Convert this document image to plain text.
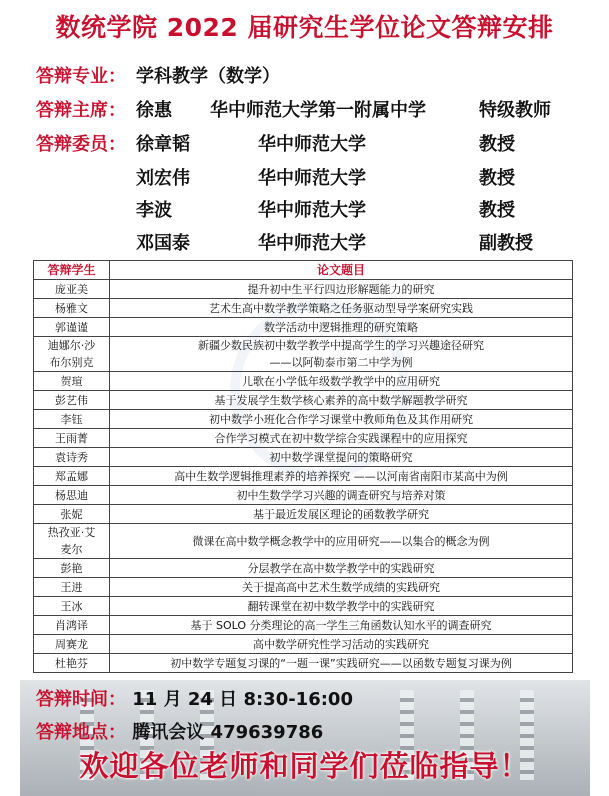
数统学院 2022 届研究生学位论文答辩安排
答辩专业： 学科教学（数学）
答辩主席： 徐惠 华中师范大学第一附属中学	特级教师
答辩委员： 徐章韬	华中师范大学	教授
刘宏伟	华中师范大学	教授
李波	华中师范大学	教授
邓国泰	华中师范大学	副教授
答辩学生	论文题目
庞亚美	提升初中生平行四边形解题能力的研究
杨雅文	艺术生高中数学教学策略之任务驱动型导学案研究实践
郭谨谨	数学活动中逻辑推理的研究策略
迪娜尔·沙
布尔别克	新疆少数民族初中数学教学中提高学生的学习兴趣途径研究
——以阿勒泰市第二中学为例
贺瑄	儿歌在小学低年级数学教学中的应用研究
彭艺伟	基于发展学生数学核心素养的高中数学解题教学研究
李钰	初中数学小班化合作学习课堂中教师角色及其作用研究
王雨菁	合作学习模式在初中数学综合实践课程中的应用探究
袁诗秀	初中数学课堂提问的策略研究
郑孟娜	高中生数学逻辑推理素养的培养探究 ——以河南省南阳市某高中为例
杨思迪	初中生数学学习兴趣的调查研究与培养对策
张妮	基于最近发展区理论的函数教学研究
热孜亚·艾
麦尔	微课在高中数学概念教学中的应用研究——以集合的概念为例
彭艳	分层教学在高中数学教学中的实践研究
王进	关于提高高中艺术生数学成绩的实践研究
王冰	翻转课堂在初中数学教学中的实践研究
肖鸿译	基于 SOLO 分类理论的高一学生三角函数认知水平的调查研究
周赛龙	高中数学研究性学习活动的实践研究
杜艳芬	初中数学专题复习课的“一题一课”实践研究——以函数专题复习课为例
答辩时间： 11 月 24 日 8:30-16:00
答辩地点： 腾讯会议 479639786
欢迎各位老师和同学们莅临指导！
